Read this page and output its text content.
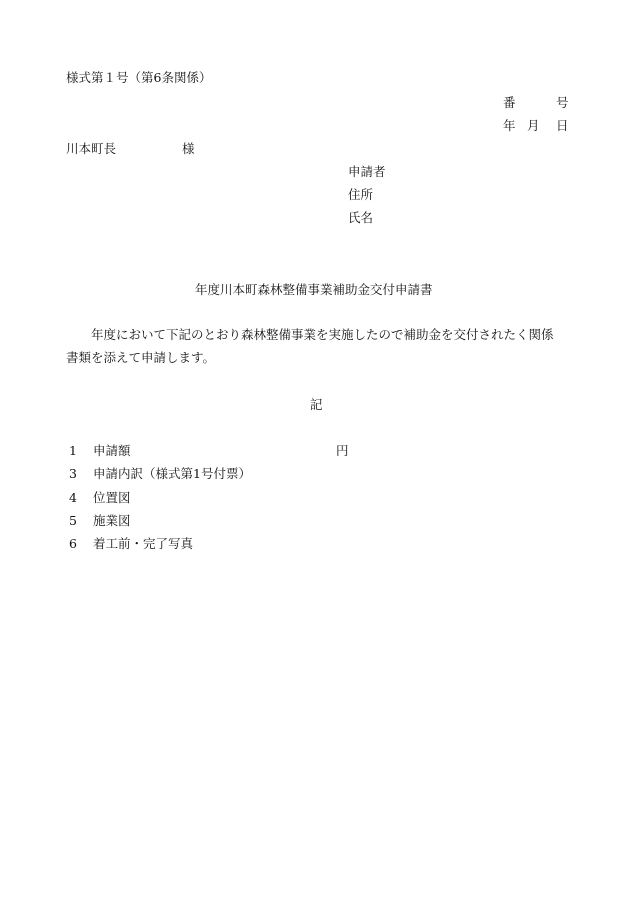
様式第１号（第6条関係）
番	号
年 月 日
川本町長	様
申請者
住所
氏名
年度川本町森林整備事業補助金交付申請書
　　年度において下記のとおり森林整備事業を実施したので補助金を交付されたく関係
書類を添えて申請します。
記
1 申請額	円
3 申請内訳（様式第1号付票）
4 位置図
5 施業図
6 着工前・完了写真
